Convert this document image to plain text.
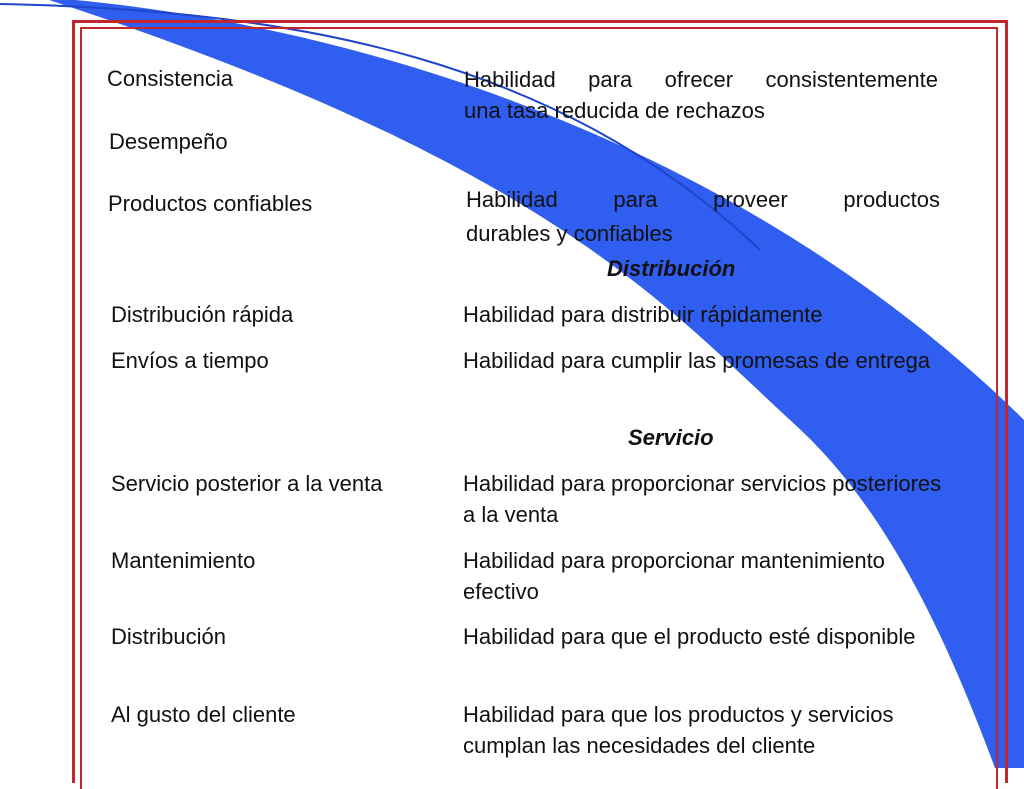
Consistencia	Habilidad para ofrecer consistentemente
una tasa reducida de rechazos
Desempeño
Productos confiables	Habilidad para proveer productos
durables y confiables
Distribución
Distribución rápida	Habilidad para distribuir rápidamente
Envíos a tiempo	Habilidad para cumplir las promesas de entrega
Servicio
Servicio posterior a la venta	Habilidad para proporcionar servicios posteriores a la venta
Mantenimiento	Habilidad para proporcionar mantenimiento efectivo
Distribución	Habilidad para que el producto esté disponible
Al gusto del cliente	Habilidad para que los productos y servicios cumplan las necesidades del cliente
